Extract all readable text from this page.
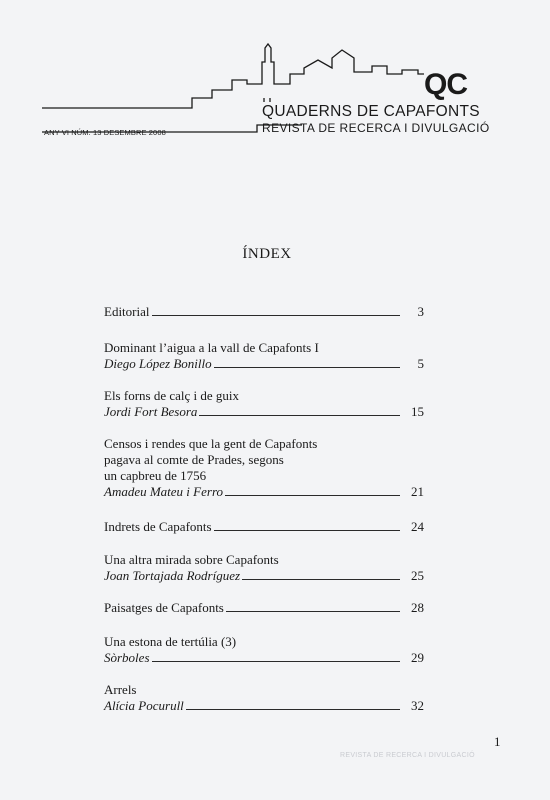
QC
QUADERNS DE CAPAFONTS
REVISTA DE RECERCA I DIVULGACIÓ
ANY VI NÚM. 13 DESEMBRE 2008
ÍNDEX
Editorial	3
Dominant l’aigua a la vall de Capafonts I
Diego López Bonillo	5
Els forns de calç i de guix
Jordi Fort Besora	15
Censos i rendes que la gent de Capafonts
pagava al comte de Prades, segons
un capbreu de 1756
Amadeu Mateu i Ferro	21
Indrets de Capafonts	24
Una altra mirada sobre Capafonts
Joan Tortajada Rodríguez	25
Paisatges de Capafonts	28
Una estona de tertúlia (3)
Sòrboles	29
Arrels
Alícia Pocurull	32
1
REVISTA DE RECERCA I DIVULGACIÓ
